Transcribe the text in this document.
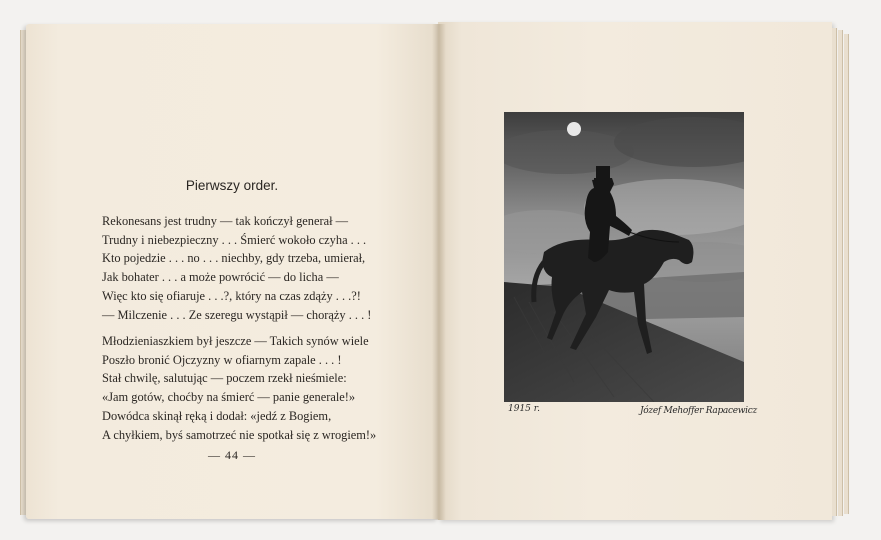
Pierwszy order.
Rekonesans jest trudny — tak kończył generał —
Trudny i niebezpieczny . . . Śmierć wokoło czyha . . .
Kto pojedzie . . . no . . . niechby, gdy trzeba, umierał,
Jak bohater . . . a może powrócić — do licha —
Więc kto się ofiaruje . . .?, który na czas zdąży . . .?!
— Milczenie . . . Ze szeregu wystąpił — chorąży . . . !
Młodzieniaszkiem był jeszcze — Takich synów wiele
Poszło bronić Ojczyzny w ofiarnym zapale . . . !
Stał chwilę, salutując — poczem rzekł nieśmiele:
«Jam gotów, choćby na śmierć — panie generale!»
Dowódca skinął ręką i dodał: «jedź z Bogiem,
A chyłkiem, byś samotrzeć nie spotkał się z wrogiem!»
— 44 —
1915 r.	Józef Mehoffer Rapacewicz
